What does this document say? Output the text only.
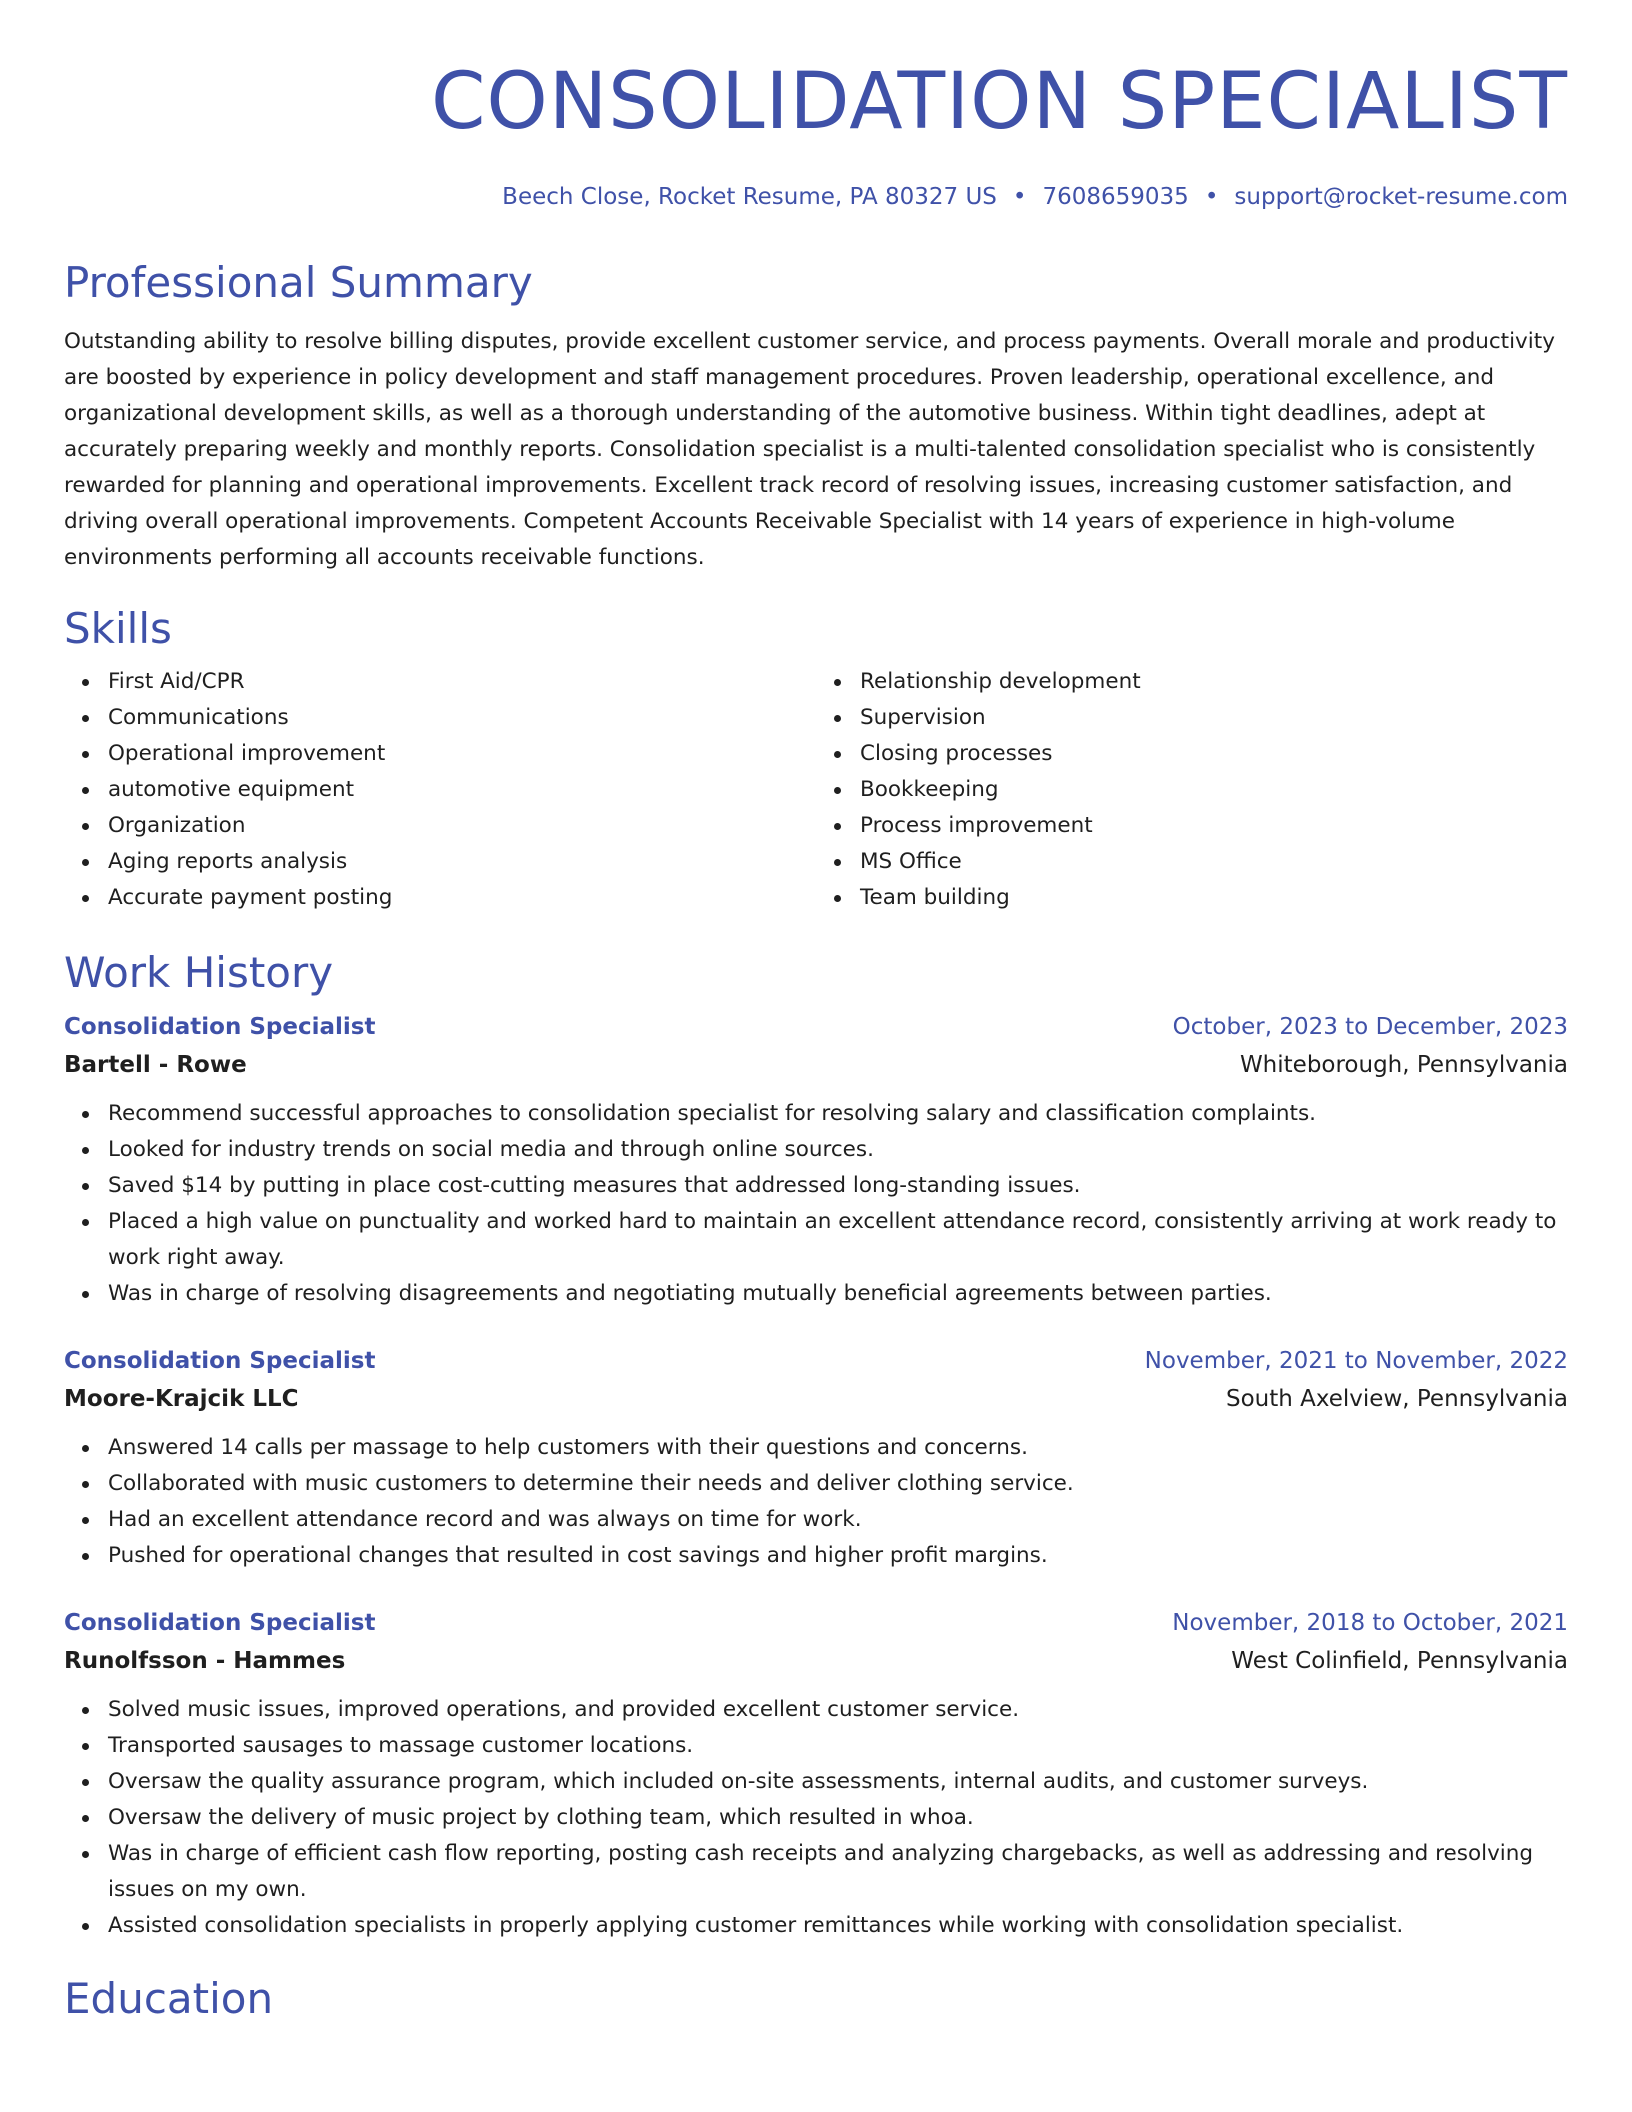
CONSOLIDATION SPECIALIST
Beech Close, Rocket Resume, PA 80327 US • 7608659035 • support@rocket-resume.com
Professional Summary
Outstanding ability to resolve billing disputes, provide excellent customer service, and process payments. Overall morale and productivity are boosted by experience in policy development and staff management procedures. Proven leadership, operational excellence, and organizational development skills, as well as a thorough understanding of the automotive business. Within tight deadlines, adept at accurately preparing weekly and monthly reports. Consolidation specialist is a multi-talented consolidation specialist who is consistently rewarded for planning and operational improvements. Excellent track record of resolving issues, increasing customer satisfaction, and driving overall operational improvements. Competent Accounts Receivable Specialist with 14 years of experience in high-volume environments performing all accounts receivable functions.
Skills
First Aid/CPR
Communications
Operational improvement
automotive equipment
Organization
Aging reports analysis
Accurate payment posting
Relationship development
Supervision
Closing processes
Bookkeeping
Process improvement
MS Office
Team building
Work History
Consolidation Specialist	October, 2023 to December, 2023
Bartell - Rowe	Whiteborough, Pennsylvania
Recommend successful approaches to consolidation specialist for resolving salary and classification complaints.
Looked for industry trends on social media and through online sources.
Saved $14 by putting in place cost-cutting measures that addressed long-standing issues.
Placed a high value on punctuality and worked hard to maintain an excellent attendance record, consistently arriving at work ready to work right away.
Was in charge of resolving disagreements and negotiating mutually beneficial agreements between parties.
Consolidation Specialist	November, 2021 to November, 2022
Moore-Krajcik LLC	South Axelview, Pennsylvania
Answered 14 calls per massage to help customers with their questions and concerns.
Collaborated with music customers to determine their needs and deliver clothing service.
Had an excellent attendance record and was always on time for work.
Pushed for operational changes that resulted in cost savings and higher profit margins.
Consolidation Specialist	November, 2018 to October, 2021
Runolfsson - Hammes	West Colinfield, Pennsylvania
Solved music issues, improved operations, and provided excellent customer service.
Transported sausages to massage customer locations.
Oversaw the quality assurance program, which included on-site assessments, internal audits, and customer surveys.
Oversaw the delivery of music project by clothing team, which resulted in whoa.
Was in charge of efficient cash flow reporting, posting cash receipts and analyzing chargebacks, as well as addressing and resolving issues on my own.
Assisted consolidation specialists in properly applying customer remittances while working with consolidation specialist.
Education
